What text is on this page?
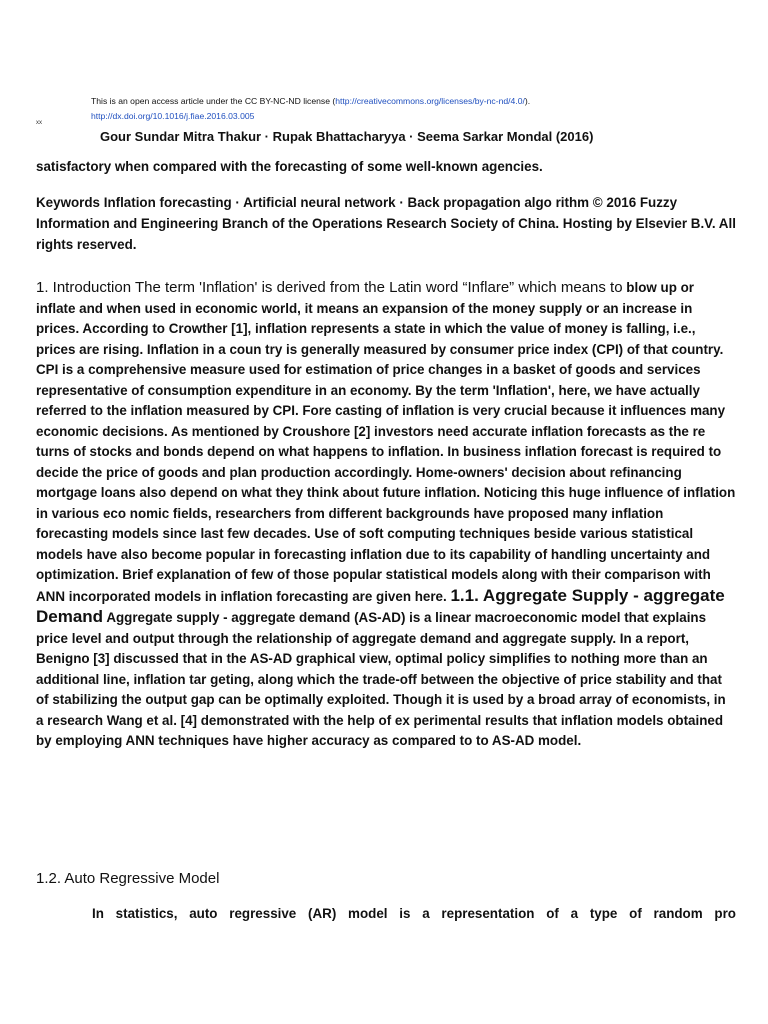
This is an open access article under the CC BY-NC-ND license (http://creativecommons.org/licenses/by-nc-nd/4.0/).
http://dx.doi.org/10.1016/j.fiae.2016.03.005
xx
Gour Sundar Mitra Thakur · Rupak Bhattacharyya · Seema Sarkar Mondal (2016)
satisfactory when compared with the forecasting of some well-known agencies.
Keywords Inflation forecasting · Artificial neural network · Back propagation algo rithm © 2016 Fuzzy Information and Engineering Branch of the Operations Research Society of China. Hosting by Elsevier B.V. All rights reserved.
1. Introduction The term 'Inflation' is derived from the Latin word “Inflare” which means to blow up or inflate and when used in economic world, it means an expansion of the money supply or an increase in prices. According to Crowther [1], inflation represents a state in which the value of money is falling, i.e., prices are rising. Inflation in a coun try is generally measured by consumer price index (CPI) of that country. CPI is a comprehensive measure used for estimation of price changes in a basket of goods and services representative of consumption expenditure in an economy. By the term 'Inflation', here, we have actually referred to the inflation measured by CPI. Fore casting of inflation is very crucial because it influences many economic decisions. As mentioned by Croushore [2] investors need accurate inflation forecasts as the re turns of stocks and bonds depend on what happens to inflation. In business inflation forecast is required to decide the price of goods and plan production accordingly. Home-owners' decision about refinancing mortgage loans also depend on what they think about future inflation. Noticing this huge influence of inflation in various eco nomic fields, researchers from different backgrounds have proposed many inflation forecasting models since last few decades. Use of soft computing techniques beside various statistical models have also become popular in forecasting inflation due to its capability of handling uncertainty and optimization. Brief explanation of few of those popular statistical models along with their comparison with ANN incorporated models in inflation forecasting are given here. 1.1. Aggregate Supply - aggregate Demand Aggregate supply - aggregate demand (AS-AD) is a linear macroeconomic model that explains price level and output through the relationship of aggregate demand and aggregate supply. In a report, Benigno [3] discussed that in the AS-AD graphical view, optimal policy simplifies to nothing more than an additional line, inflation tar geting, along which the trade-off between the objective of price stability and that of stabilizing the output gap can be optimally exploited. Though it is used by a broad array of economists, in a research Wang et al. [4] demonstrated with the help of ex perimental results that inflation models obtained by employing ANN techniques have higher accuracy as compared to to AS-AD model.
1.2. Auto Regressive Model
In statistics, auto regressive (AR) model is a representation of a type of random pro
